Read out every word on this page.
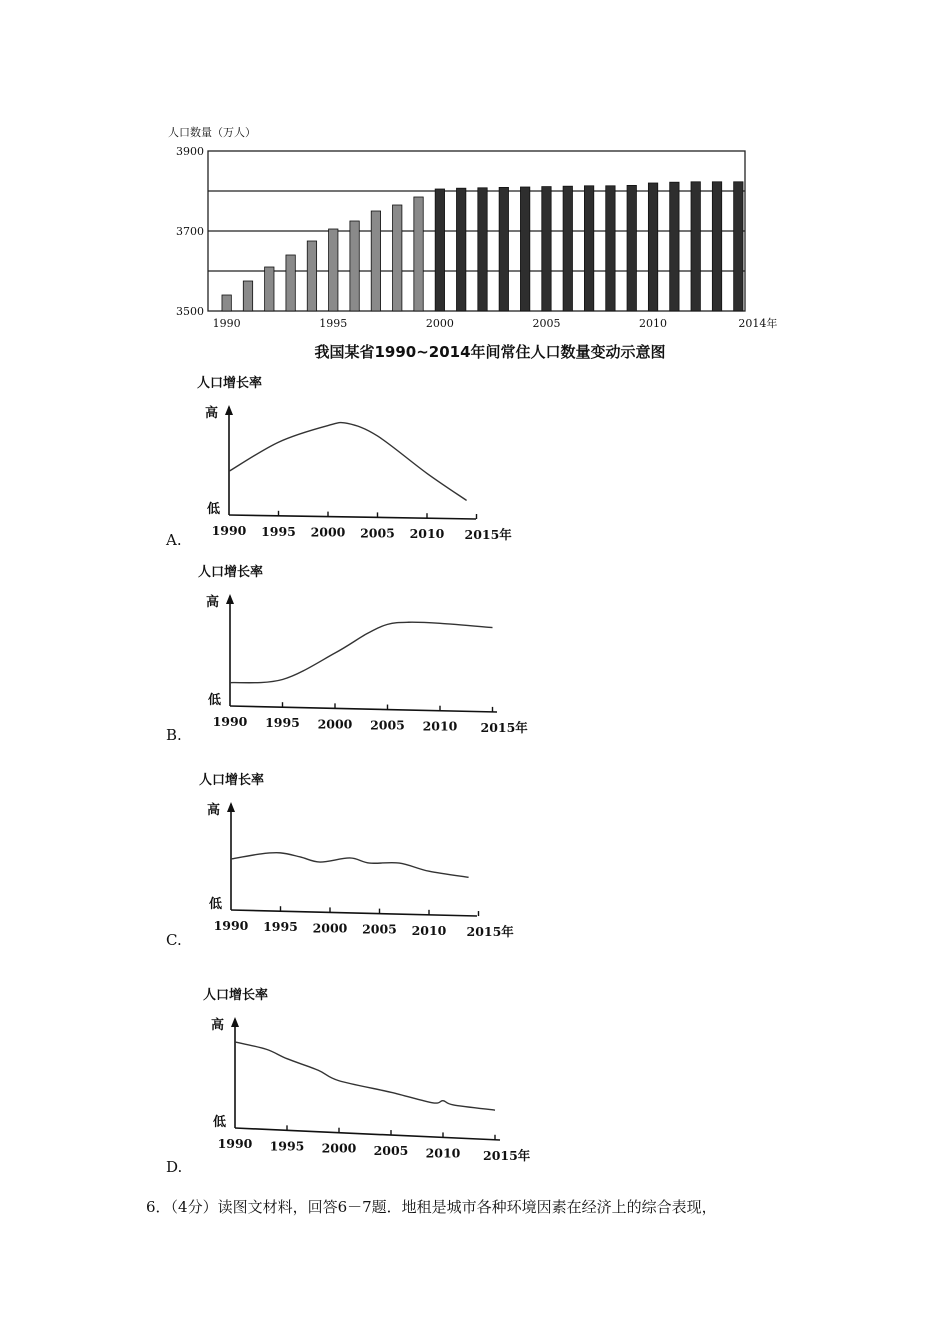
人口数量（万人）
3900
3700
3500
1990	1995	2000	2005	2010	2014年
我国某省1990~2014年间常住人口数量变动示意图
人口增长率
高
低
1990 1995 2000 2005 2010 2015年
人口增长率
高
低
1990 1995 2000 2005 2010 2015年
人口增长率
高
低
1990 1995 2000 2005 2010 2015年
人口增长率
高
低
1990 1995 2000 2005 2010 2015年
A.
B.
C.
D.
6．（4分）读图文材料，回答6－7题．地租是城市各种环境因素在经济上的综合表现，
